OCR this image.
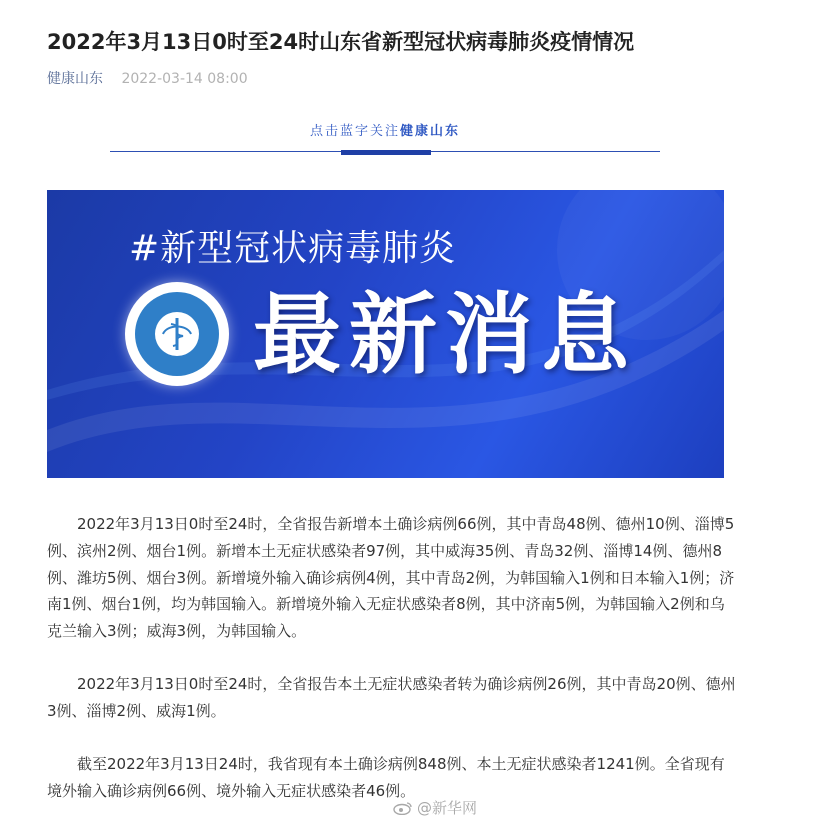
2022年3月13日0时至24时山东省新型冠状病毒肺炎疫情情况
健康山东 2022-03-14 08:00
点击蓝字关注健康山东
#新型冠状病毒肺炎
最新消息

2022年3月13日0时至24时，全省报告新增本土确诊病例66例，其中青岛48例、德州10例、淄博5例、滨州2例、烟台1例。新增本土无症状感染者97例，其中威海35例、青岛32例、淄博14例、德州8例、潍坊5例、烟台3例。新增境外输入确诊病例4例，其中青岛2例，为韩国输入1例和日本输入1例；济南1例、烟台1例，均为韩国输入。新增境外输入无症状感染者8例，其中济南5例，为韩国输入2例和乌克兰输入3例；威海3例，为韩国输入。

2022年3月13日0时至24时，全省报告本土无症状感染者转为确诊病例26例，其中青岛20例、德州3例、淄博2例、威海1例。

截至2022年3月13日24时，我省现有本土确诊病例848例、本土无症状感染者1241例。全省现有境外输入确诊病例66例、境外输入无症状感染者46例。

@新华网
